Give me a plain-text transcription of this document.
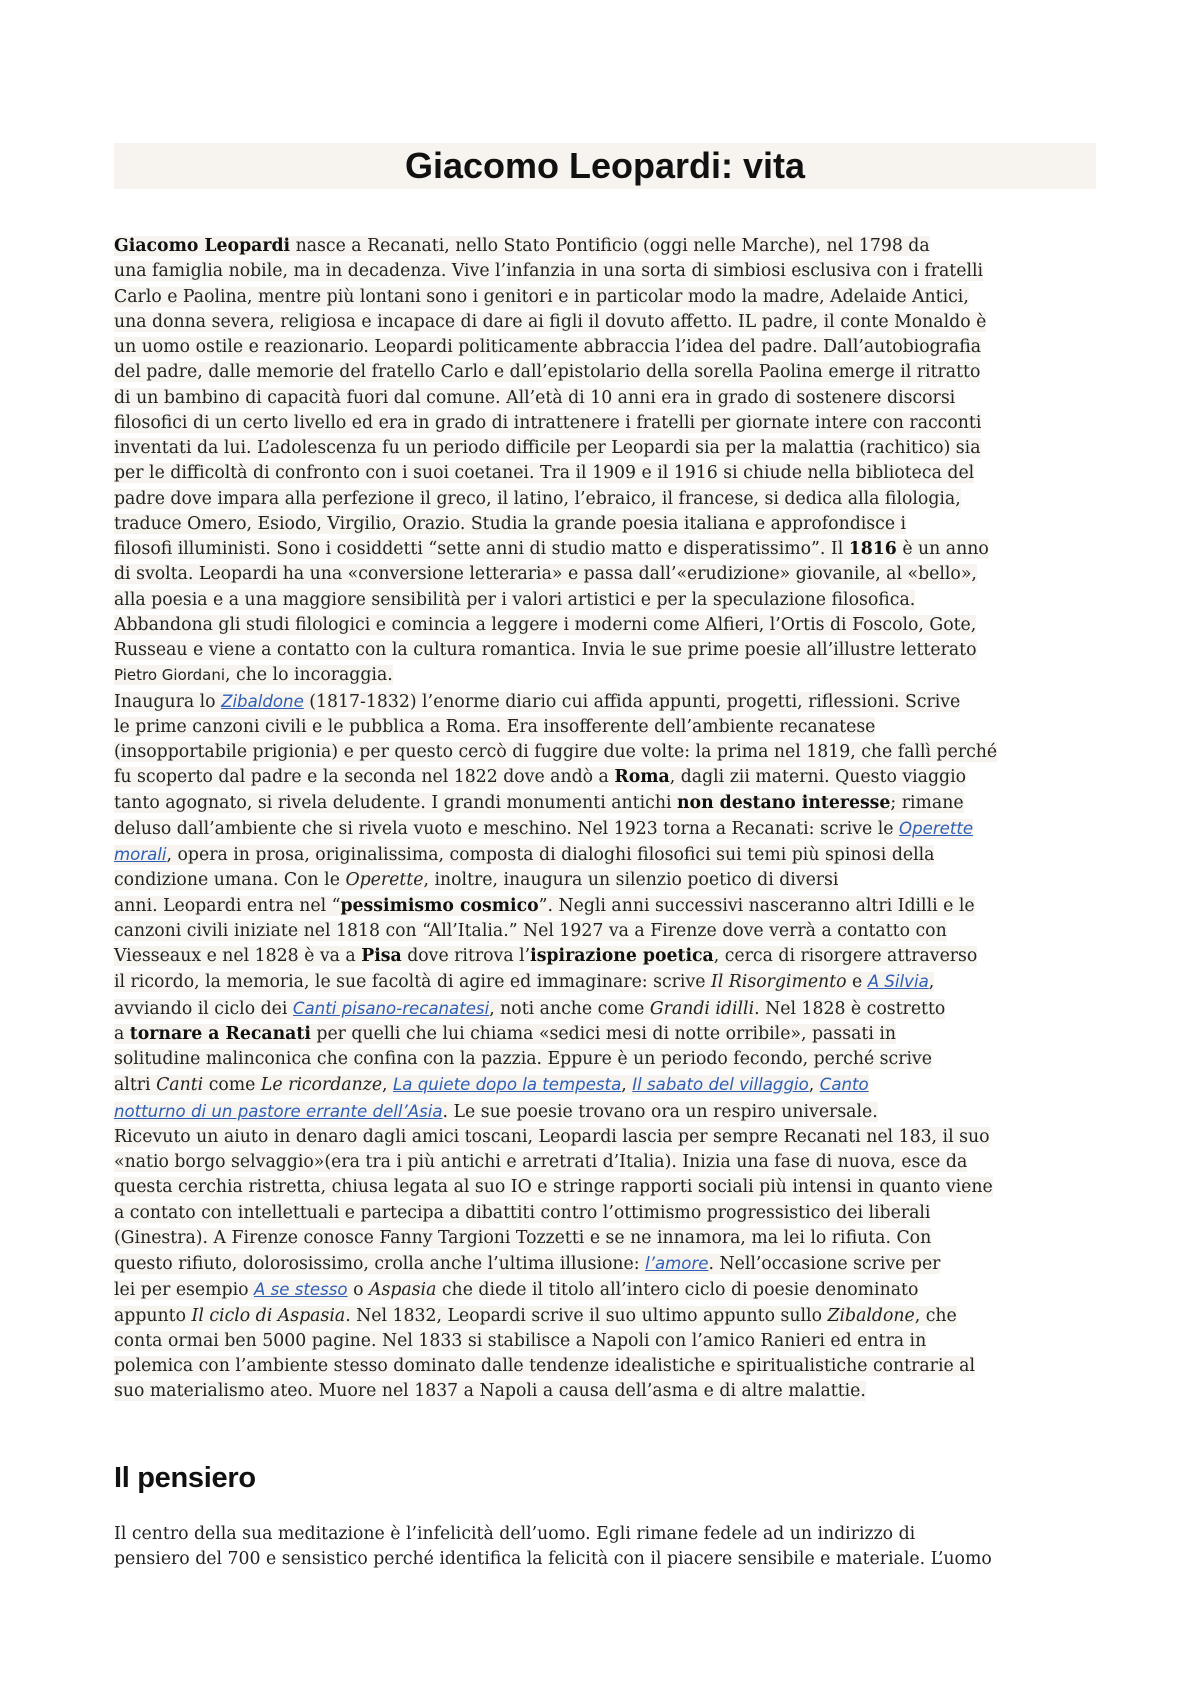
Giacomo Leopardi: vita
Giacomo Leopardi nasce a Recanati, nello Stato Pontificio (oggi nelle Marche), nel 1798 da
una famiglia nobile, ma in decadenza. Vive l’infanzia in una sorta di simbiosi esclusiva con i fratelli
Carlo e Paolina, mentre più lontani sono i genitori e in particolar modo la madre, Adelaide Antici,
una donna severa, religiosa e incapace di dare ai figli il dovuto affetto. IL padre, il conte Monaldo è
un uomo ostile e reazionario. Leopardi politicamente abbraccia l’idea del padre. Dall’autobiografia
del padre, dalle memorie del fratello Carlo e dall’epistolario della sorella Paolina emerge il ritratto
di un bambino di capacità fuori dal comune. All’età di 10 anni era in grado di sostenere discorsi
filosofici di un certo livello ed era in grado di intrattenere i fratelli per giornate intere con racconti
inventati da lui. L’adolescenza fu un periodo difficile per Leopardi sia per la malattia (rachitico) sia
per le difficoltà di confronto con i suoi coetanei. Tra il 1909 e il 1916 si chiude nella biblioteca del
padre dove impara alla perfezione il greco, il latino, l’ebraico, il francese, si dedica alla filologia,
traduce Omero, Esiodo, Virgilio, Orazio. Studia la grande poesia italiana e approfondisce i
filosofi illuministi. Sono i cosiddetti “sette anni di studio matto e disperatissimo”. Il 1816 è un anno
di svolta. Leopardi ha una «conversione letteraria» e passa dall’«erudizione» giovanile, al «bello»,
alla poesia e a una maggiore sensibilità per i valori artistici e per la speculazione filosofica.
Abbandona gli studi filologici e comincia a leggere i moderni come Alfieri, l’Ortis di Foscolo, Gote,
Russeau e viene a contatto con la cultura romantica. Invia le sue prime poesie all’illustre letterato
Pietro Giordani, che lo incoraggia.
Inaugura lo Zibaldone (1817-1832) l’enorme diario cui affida appunti, progetti, riflessioni. Scrive
le prime canzoni civili e le pubblica a Roma. Era insofferente dell’ambiente recanatese
(insopportabile prigionia) e per questo cercò di fuggire due volte: la prima nel 1819, che fallì perché
fu scoperto dal padre e la seconda nel 1822 dove andò a Roma, dagli zii materni. Questo viaggio
tanto agognato, si rivela deludente. I grandi monumenti antichi non destano interesse; rimane
deluso dall’ambiente che si rivela vuoto e meschino. Nel 1923 torna a Recanati: scrive le Operette
morali, opera in prosa, originalissima, composta di dialoghi filosofici sui temi più spinosi della
condizione umana. Con le Operette, inoltre, inaugura un silenzio poetico di diversi
anni. Leopardi entra nel “pessimismo cosmico”. Negli anni successivi nasceranno altri Idilli e le
canzoni civili iniziate nel 1818 con “All’Italia.” Nel 1927 va a Firenze dove verrà a contatto con
Viesseaux e nel 1828 è va a Pisa dove ritrova l’ispirazione poetica, cerca di risorgere attraverso
il ricordo, la memoria, le sue facoltà di agire ed immaginare: scrive Il Risorgimento e A Silvia,
avviando il ciclo dei Canti pisano-recanatesi, noti anche come Grandi idilli. Nel 1828 è costretto
a tornare a Recanati per quelli che lui chiama «sedici mesi di notte orribile», passati in
solitudine malinconica che confina con la pazzia. Eppure è un periodo fecondo, perché scrive
altri Canti come Le ricordanze, La quiete dopo la tempesta, Il sabato del villaggio, Canto
notturno di un pastore errante dell’Asia. Le sue poesie trovano ora un respiro universale.
Ricevuto un aiuto in denaro dagli amici toscani, Leopardi lascia per sempre Recanati nel 183, il suo
«natio borgo selvaggio»(era tra i più antichi e arretrati d’Italia). Inizia una fase di nuova, esce da
questa cerchia ristretta, chiusa legata al suo IO e stringe rapporti sociali più intensi in quanto viene
a contato con intellettuali e partecipa a dibattiti contro l’ottimismo progressistico dei liberali
(Ginestra). A Firenze conosce Fanny Targioni Tozzetti e se ne innamora, ma lei lo rifiuta. Con
questo rifiuto, dolorosissimo, crolla anche l’ultima illusione: l’amore. Nell’occasione scrive per
lei per esempio A se stesso o Aspasia che diede il titolo all’intero ciclo di poesie denominato
appunto Il ciclo di Aspasia. Nel 1832, Leopardi scrive il suo ultimo appunto sullo Zibaldone, che
conta ormai ben 5000 pagine. Nel 1833 si stabilisce a Napoli con l’amico Ranieri ed entra in
polemica con l’ambiente stesso dominato dalle tendenze idealistiche e spiritualistiche contrarie al
suo materialismo ateo. Muore nel 1837 a Napoli a causa dell’asma e di altre malattie.
Il pensiero
Il centro della sua meditazione è l’infelicità dell’uomo. Egli rimane fedele ad un indirizzo di
pensiero del 700 e sensistico perché identifica la felicità con il piacere sensibile e materiale. L’uomo
